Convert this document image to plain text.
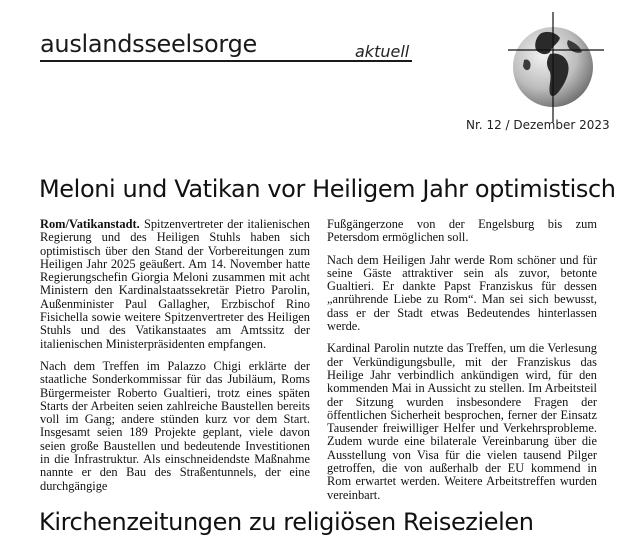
auslandsseelsorge	aktuell
Nr. 12 / Dezember 2023
Meloni und Vatikan vor Heiligem Jahr optimistisch

Rom/Vatikanstadt. Spitzenvertreter der italienischen Regierung und des Heiligen Stuhls haben sich optimistisch über den Stand der Vorbereitungen zum Heiligen Jahr 2025 geäußert. Am 14. November hatte Regierungschefin Giorgia Meloni zusammen mit acht Ministern den Kardinalstaatssekretär Pietro Parolin, Außenminister Paul Gallagher, Erzbischof Rino Fisichella sowie weitere Spitzenvertreter des Heiligen Stuhls und des Vatikanstaates am Amtssitz der italienischen Ministerpräsidenten empfangen.

Nach dem Treffen im Palazzo Chigi erklärte der staatliche Sonderkommissar für das Jubiläum, Roms Bürgermeister Roberto Gualtieri, trotz eines späten Starts der Arbeiten seien zahlreiche Baustellen bereits voll im Gang; andere stünden kurz vor dem Start. Insgesamt seien 189 Projekte geplant, viele davon seien große Baustellen und bedeutende Investitionen in die Infrastruktur. Als einschneidendste Maßnahme nannte er den Bau des Straßentunnels, der eine durchgängige

Fußgängerzone von der Engelsburg bis zum Petersdom ermöglichen soll.

Nach dem Heiligen Jahr werde Rom schöner und für seine Gäste attraktiver sein als zuvor, betonte Gualtieri. Er dankte Papst Franziskus für dessen „anrührende Liebe zu Rom“. Man sei sich bewusst, dass er der Stadt etwas Bedeutendes hinterlassen werde.

Kardinal Parolin nutzte das Treffen, um die Verlesung der Verkündigungsbulle, mit der Franziskus das Heilige Jahr verbindlich ankündigen wird, für den kommenden Mai in Aussicht zu stellen. Im Arbeitsteil der Sitzung wurden insbesondere Fragen der öffentlichen Sicherheit besprochen, ferner der Einsatz Tausender freiwilliger Helfer und Verkehrsprobleme. Zudem wurde eine bilaterale Vereinbarung über die Ausstellung von Visa für die vielen tausend Pilger getroffen, die von außerhalb der EU kommend in Rom erwartet werden. Weitere Arbeitstreffen wurden vereinbart.

Kirchenzeitungen zu religiösen Reisezielen
